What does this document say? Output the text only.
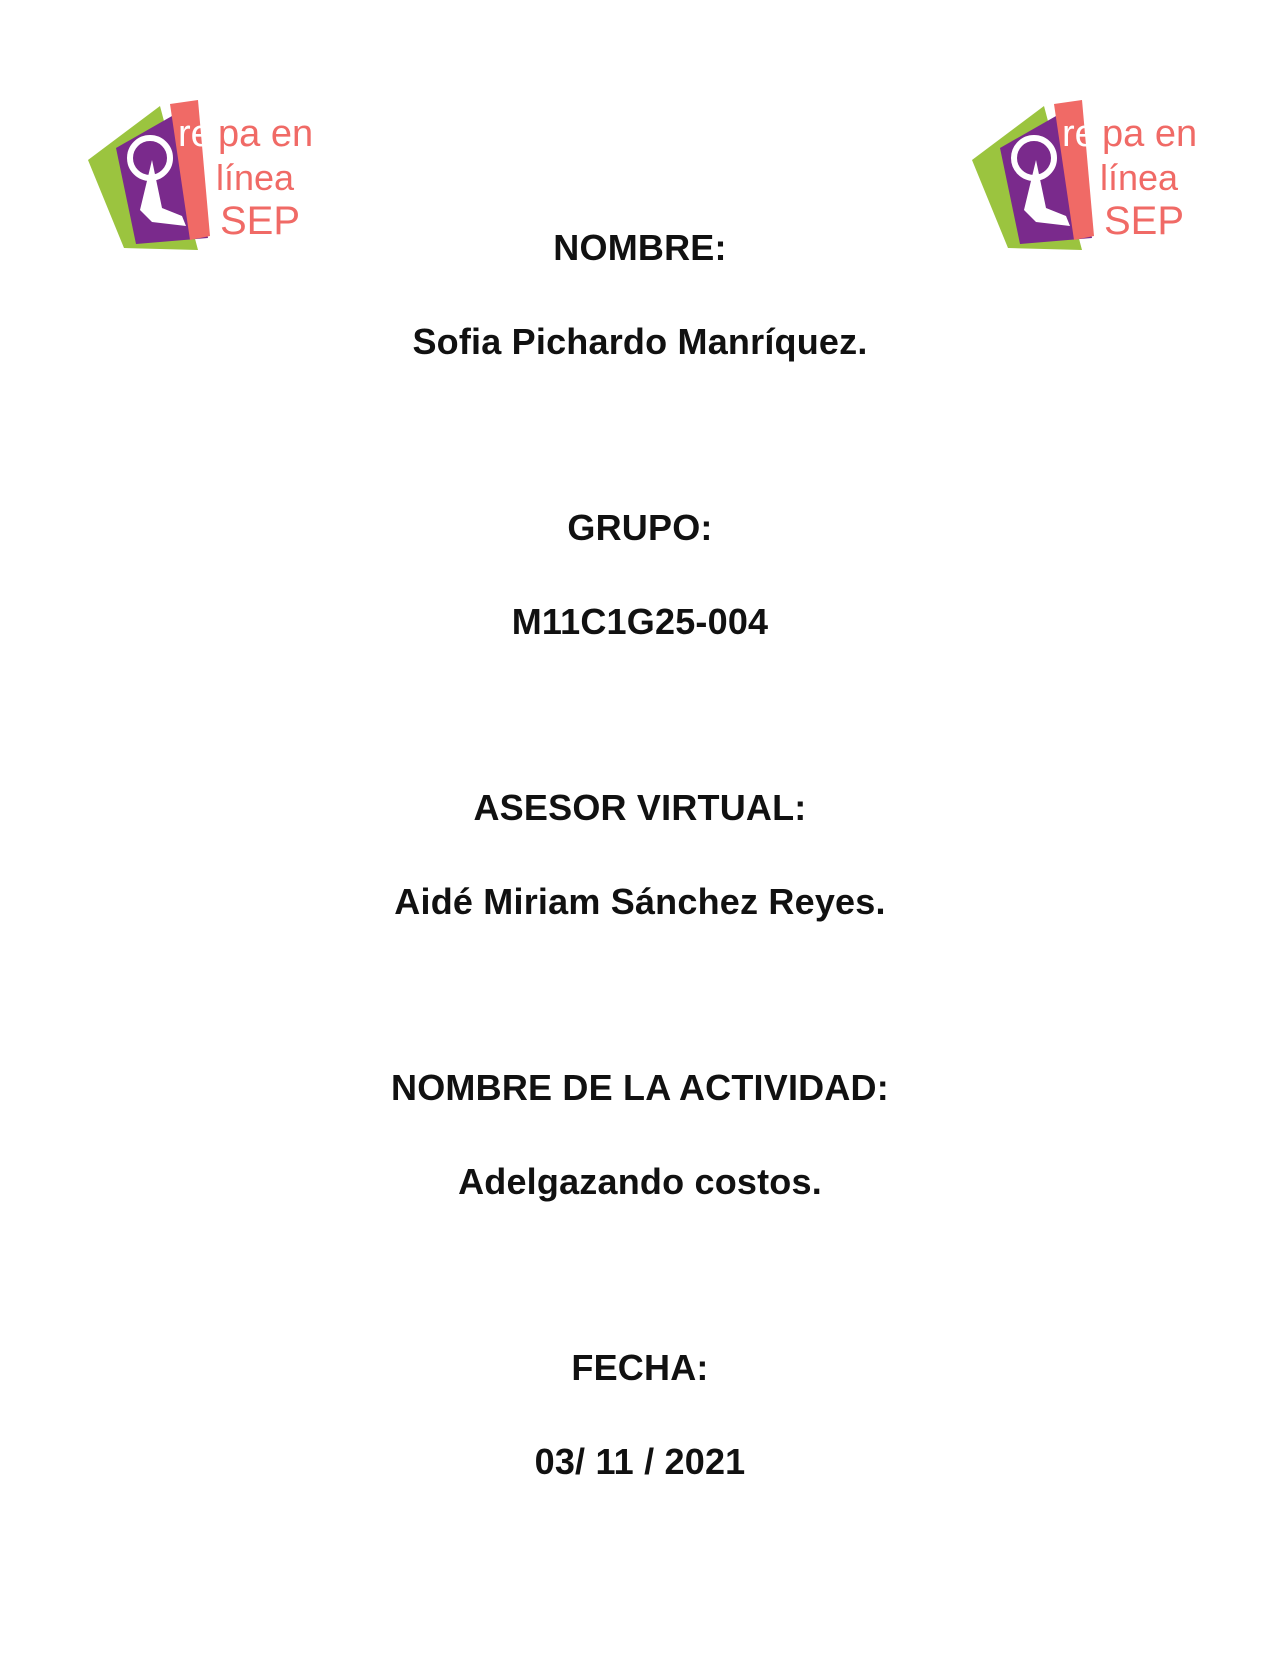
pa en
línea
SEP
re	pa en
línea
SEP
re
NOMBRE:
Sofia Pichardo Manríquez.
GRUPO:
M11C1G25-004
ASESOR VIRTUAL:
Aidé Miriam Sánchez Reyes.
NOMBRE DE LA ACTIVIDAD:
Adelgazando costos.
FECHA:
03/ 11 / 2021
